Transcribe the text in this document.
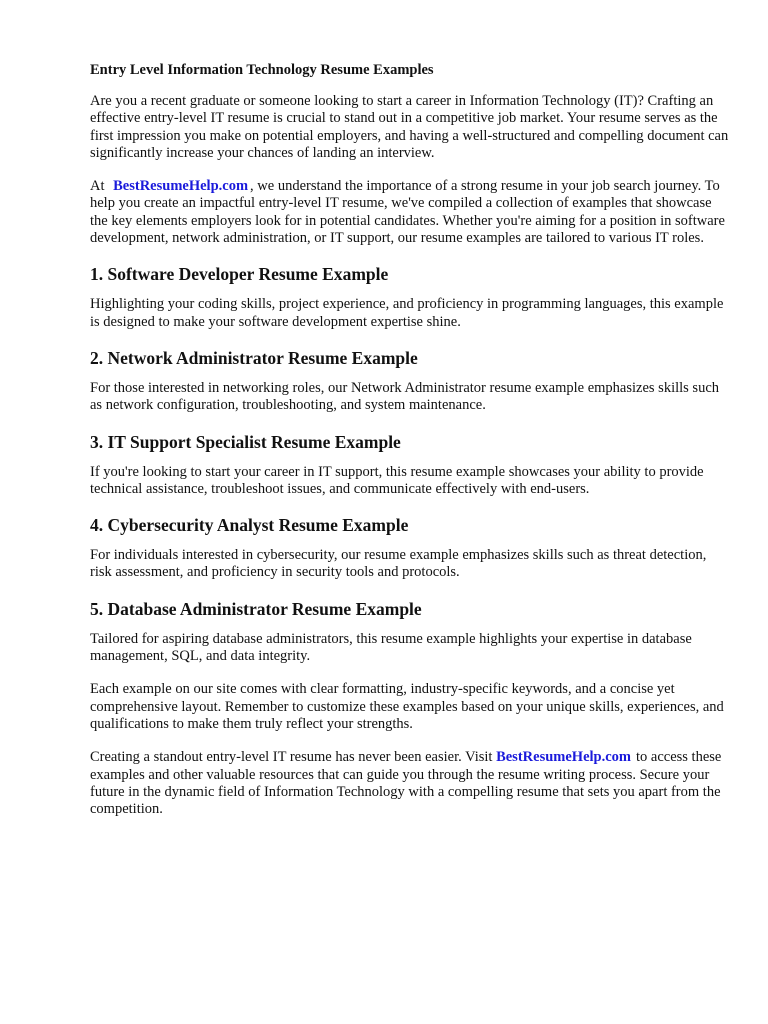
Entry Level Information Technology Resume Examples

Are you a recent graduate or someone looking to start a career in Information Technology (IT)? Crafting an effective entry-level IT resume is crucial to stand out in a competitive job market. Your resume serves as the first impression you make on potential employers, and having a well-structured and compelling document can significantly increase your chances of landing an interview.

At BestResumeHelp.com , we understand the importance of a strong resume in your job search journey. To help you create an impactful entry-level IT resume, we've compiled a collection of examples that showcase the key elements employers look for in potential candidates. Whether you're aiming for a position in software development, network administration, or IT support, our resume examples are tailored to various IT roles.

1. Software Developer Resume Example

Highlighting your coding skills, project experience, and proficiency in programming languages, this example is designed to make your software development expertise shine.

2. Network Administrator Resume Example

For those interested in networking roles, our Network Administrator resume example emphasizes skills such as network configuration, troubleshooting, and system maintenance.

3. IT Support Specialist Resume Example

If you're looking to start your career in IT support, this resume example showcases your ability to provide technical assistance, troubleshoot issues, and communicate effectively with end-users.

4. Cybersecurity Analyst Resume Example

For individuals interested in cybersecurity, our resume example emphasizes skills such as threat detection, risk assessment, and proficiency in security tools and protocols.

5. Database Administrator Resume Example

Tailored for aspiring database administrators, this resume example highlights your expertise in database management, SQL, and data integrity.

Each example on our site comes with clear formatting, industry-specific keywords, and a concise yet comprehensive layout. Remember to customize these examples based on your unique skills, experiences, and qualifications to make them truly reflect your strengths.

Creating a standout entry-level IT resume has never been easier. Visit BestResumeHelp.com to access these examples and other valuable resources that can guide you through the resume writing process. Secure your future in the dynamic field of Information Technology with a compelling resume that sets you apart from the competition.
